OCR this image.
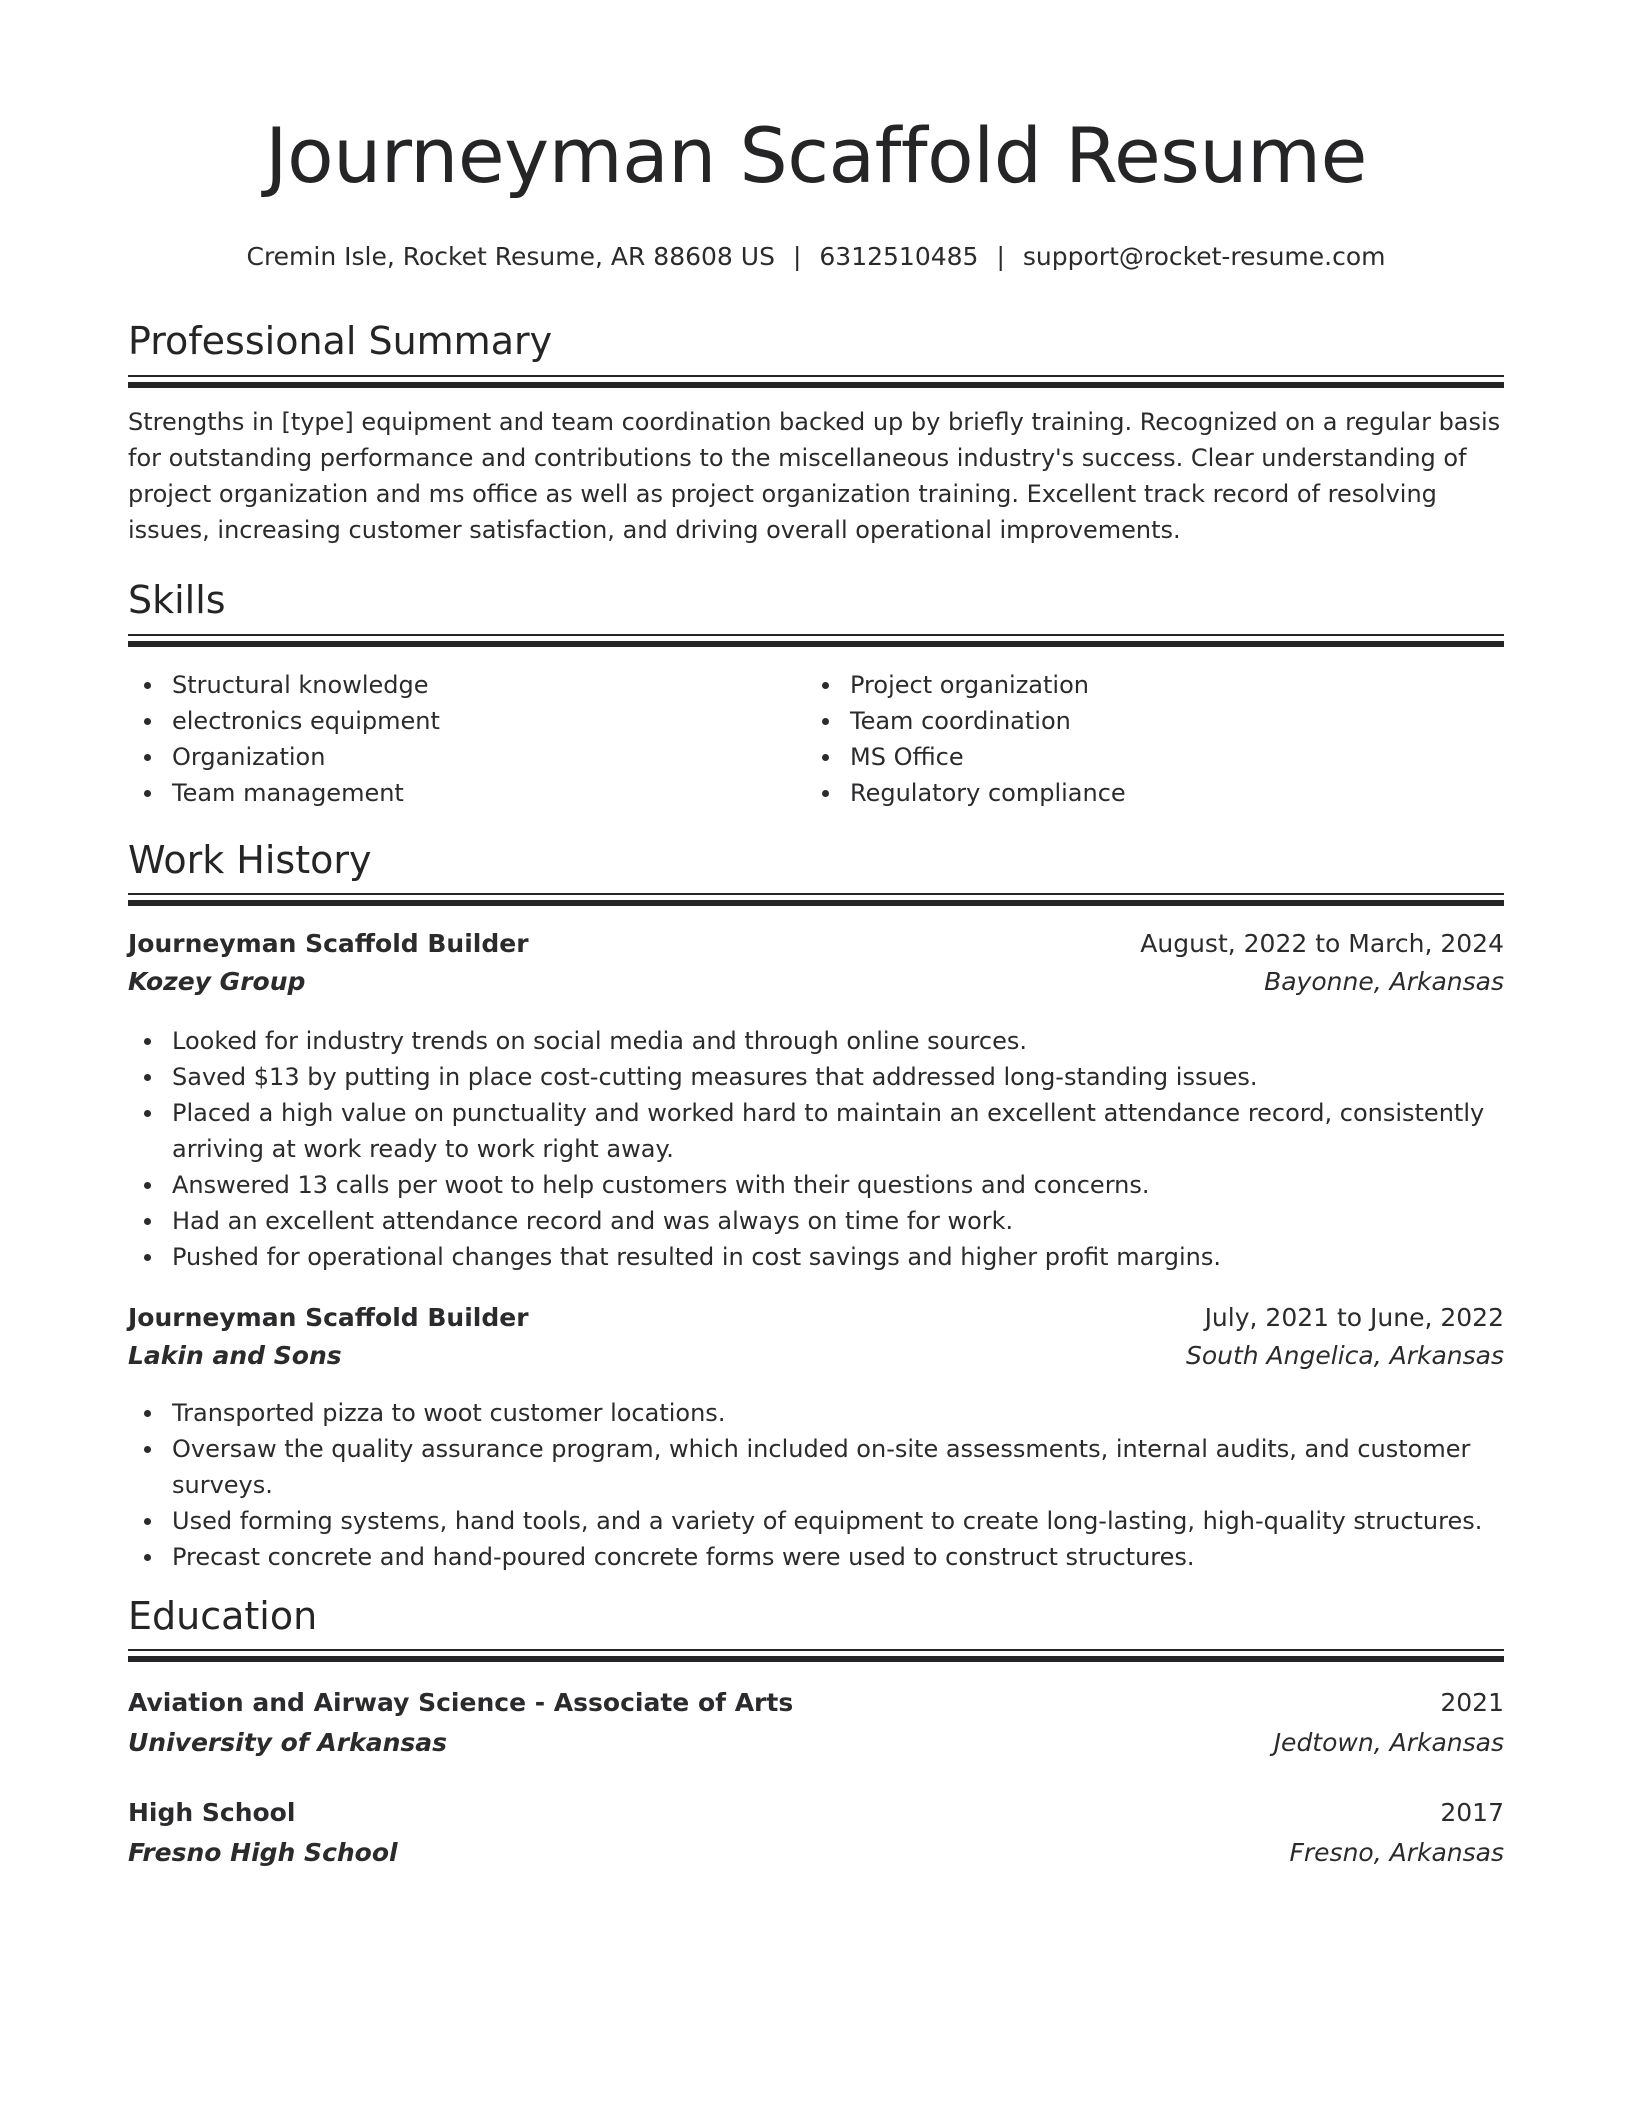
Journeyman Scaffold Resume
Cremin Isle, Rocket Resume, AR 88608 US | 6312510485 | support@rocket-resume.com
Professional Summary

Strengths in [type] equipment and team coordination backed up by briefly training. Recognized on a regular basis for outstanding performance and contributions to the miscellaneous industry's success. Clear understanding of project organization and ms office as well as project organization training. Excellent track record of resolving issues, increasing customer satisfaction, and driving overall operational improvements.

Skills
Structural knowledge
electronics equipment
Organization
Team management
Project organization
Team coordination
MS Office
Regulatory compliance
Work History
Journeyman Scaffold Builder	August, 2022 to March, 2024
Kozey Group	Bayonne, Arkansas
Looked for industry trends on social media and through online sources.
Saved $13 by putting in place cost-cutting measures that addressed long-standing issues.
Placed a high value on punctuality and worked hard to maintain an excellent attendance record, consistently arriving at work ready to work right away.
Answered 13 calls per woot to help customers with their questions and concerns.
Had an excellent attendance record and was always on time for work.
Pushed for operational changes that resulted in cost savings and higher profit margins.
Journeyman Scaffold Builder	July, 2021 to June, 2022
Lakin and Sons	South Angelica, Arkansas
Transported pizza to woot customer locations.
Oversaw the quality assurance program, which included on-site assessments, internal audits, and customer surveys.
Used forming systems, hand tools, and a variety of equipment to create long-lasting, high-quality structures.
Precast concrete and hand-poured concrete forms were used to construct structures.
Education
Aviation and Airway Science - Associate of Arts	2021
University of Arkansas	Jedtown, Arkansas
High School	2017
Fresno High School	Fresno, Arkansas
